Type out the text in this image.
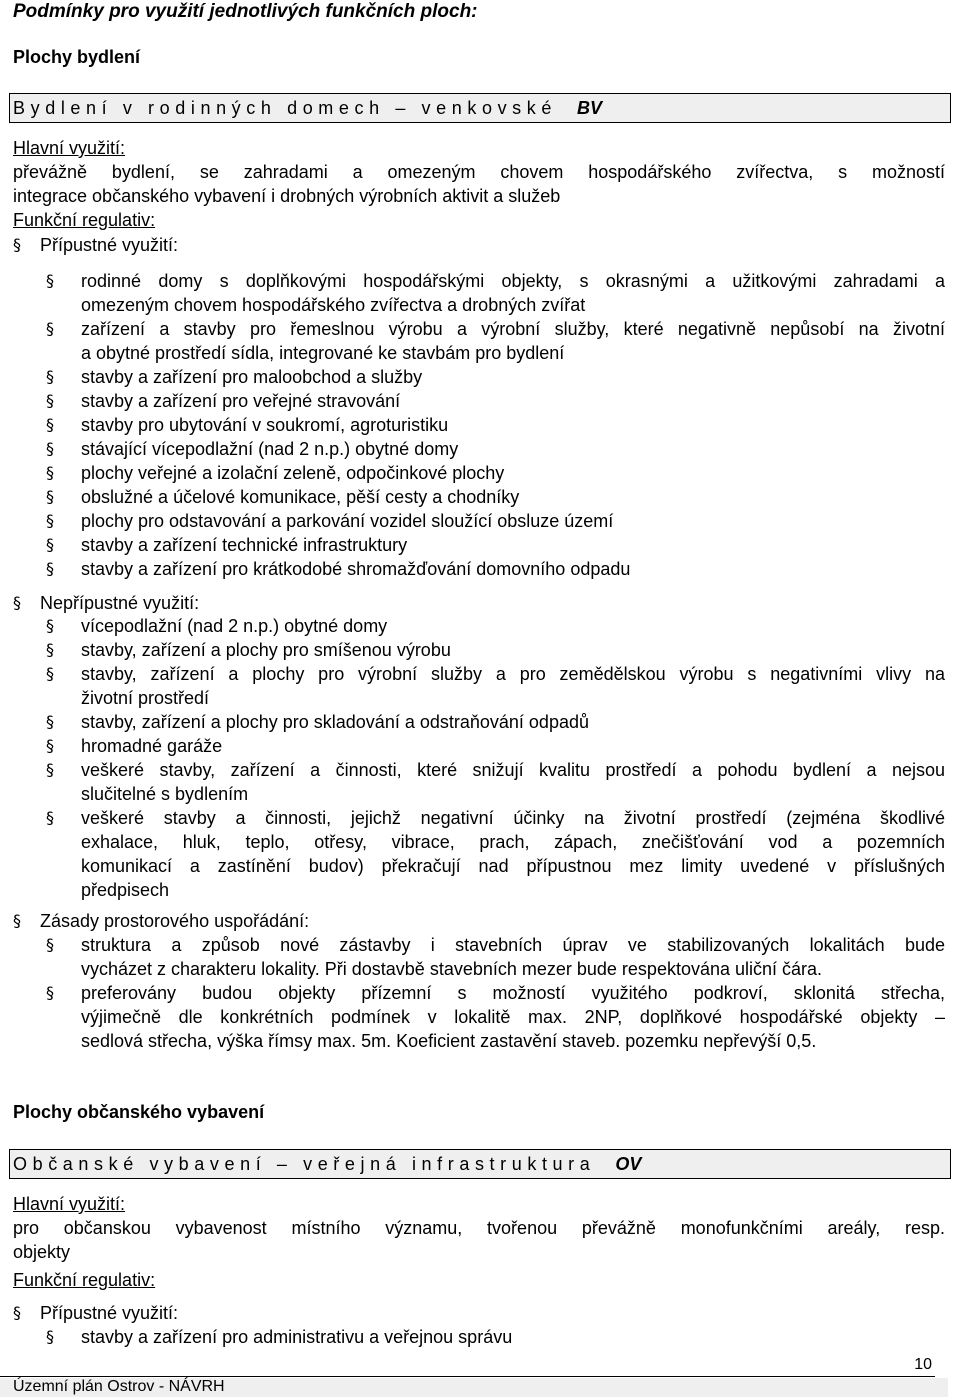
Podmínky pro využití jednotlivých funkčních ploch:
Plochy bydlení
Bydlení v rodinných domech – venkovské BV
Hlavní využití:
převážně bydlení, se zahradami a omezeným chovem hospodářského zvířectva, s možností
integrace občanského vybavení i drobných výrobních aktivit a služeb
Funkční regulativ:
§	Přípustné využití:
§	rodinné domy s doplňkovými hospodářskými objekty, s okrasnými a užitkovými zahradami a
omezeným chovem hospodářského zvířectva a drobných zvířat
§	zařízení a stavby pro řemeslnou výrobu a výrobní služby, které negativně nepůsobí na životní
a obytné prostředí sídla, integrované ke stavbám pro bydlení
§	stavby a zařízení pro maloobchod a služby
§	stavby a zařízení pro veřejné stravování
§	stavby pro ubytování v soukromí, agroturistiku
§	stávající vícepodlažní (nad 2 n.p.) obytné domy
§	plochy veřejné a izolační zeleně, odpočinkové plochy
§	obslužné a účelové komunikace, pěší cesty a chodníky
§	plochy pro odstavování a parkování vozidel sloužící obsluze území
§	stavby a zařízení technické infrastruktury
§	stavby a zařízení pro krátkodobé shromažďování domovního odpadu
§	Nepřípustné využití:
§	vícepodlažní (nad 2 n.p.) obytné domy
§	stavby, zařízení a plochy pro smíšenou výrobu
§	stavby, zařízení a plochy pro výrobní služby a pro zemědělskou výrobu s negativními vlivy na
životní prostředí
§	stavby, zařízení a plochy pro skladování a odstraňování odpadů
§	hromadné garáže
§	veškeré stavby, zařízení a činnosti, které snižují kvalitu prostředí a pohodu bydlení a nejsou
slučitelné s bydlením
§	veškeré stavby a činnosti, jejichž negativní účinky na životní prostředí (zejména škodlivé
exhalace, hluk, teplo, otřesy, vibrace, prach, zápach, znečišťování vod a pozemních
komunikací a zastínění budov) překračují nad přípustnou mez limity uvedené v příslušných
předpisech
§	Zásady prostorového uspořádání:
§	struktura a způsob nové zástavby i stavebních úprav ve stabilizovaných lokalitách bude
vycházet z charakteru lokality. Při dostavbě stavebních mezer bude respektována uliční čára.
§	preferovány budou objekty přízemní s možností využitého podkroví, sklonitá střecha,
výjimečně dle konkrétních podmínek v lokalitě max. 2NP, doplňkové hospodářské objekty –
sedlová střecha, výška římsy max. 5m. Koeficient zastavění staveb. pozemku nepřevýší 0,5.
Plochy občanského vybavení
Občanské vybavení – veřejná infrastruktura OV
Hlavní využití:
pro občanskou vybavenost místního významu, tvořenou převážně monofunkčními areály, resp.
objekty
Funkční regulativ:
§	Přípustné využití:
§	stavby a zařízení pro administrativu a veřejnou správu
10
Územní plán Ostrov - NÁVRH
